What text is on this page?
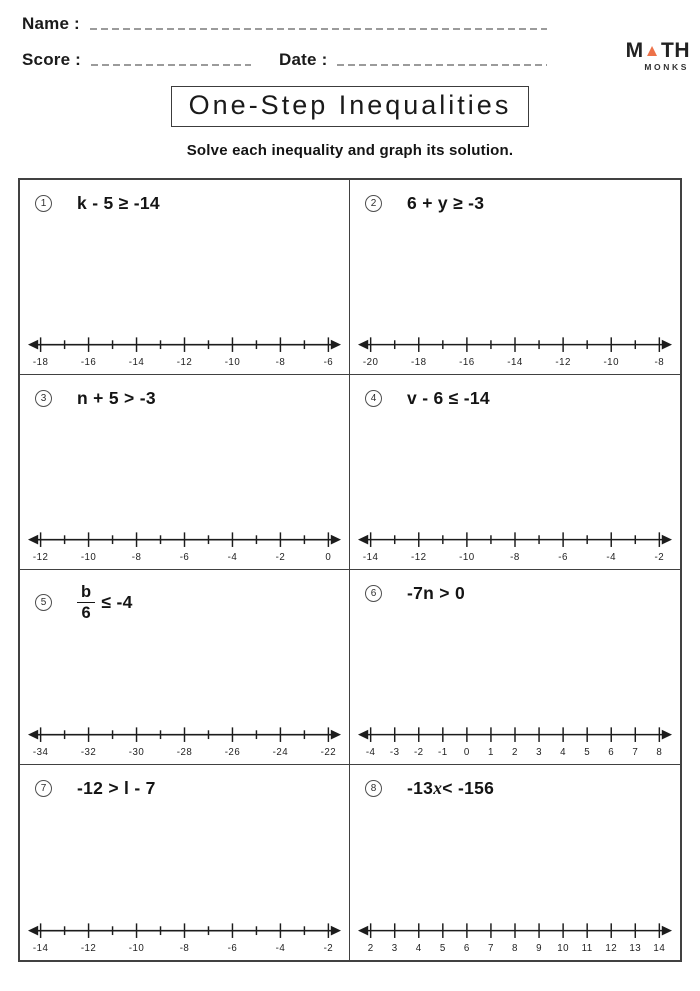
Name :
Score :	Date :	M▲TH
MONKS
One-Step Inequalities
Solve each inequality and graph its solution.
1	k - 5 ≥ -14
-18	-16	-14	-12	-10	-8	-6
2	6 + y ≥ -3
-20	-18	-16	-14	-12	-10	-8
3	n + 5 > -3
-12	-10	-8	-6	-4	-2	0
4	v - 6 ≤ -14
-14	-12	-10	-8	-6	-4	-2
5	$\frac{b}{6} \le -4$
-34	-32	-30	-28	-26	-24	-22
6	-7n > 0
-4 -3 -2 -1 0 1 2 3 4 5 6 7 8
7	-12 > l - 7
-14	-12	-10	-8	-6	-4	-2
8	-13 x < -156
2 3 4 5 6 7 8 9 10 11 12 13 14
